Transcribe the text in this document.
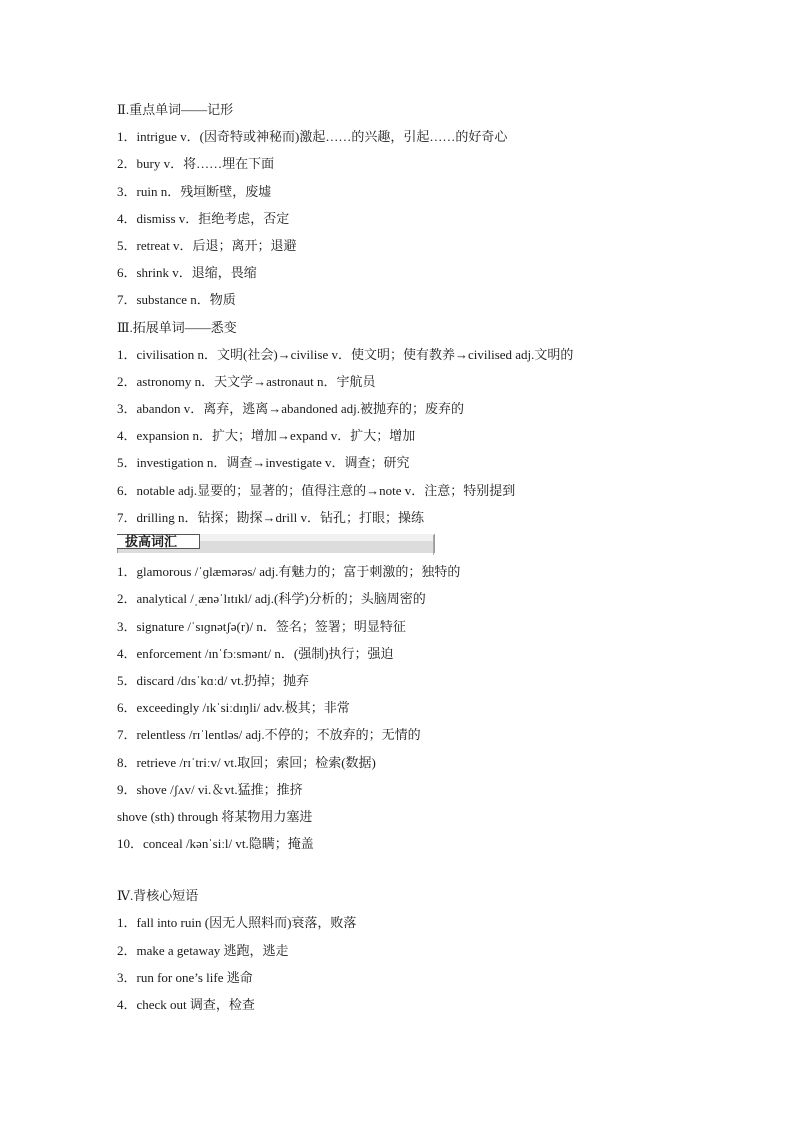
Ⅱ.重点单词——记形
1．intrigue v．(因奇特或神秘而)激起……的兴趣，引起……的好奇心
2．bury v．将……埋在下面
3．ruin n．残垣断壁，废墟
4．dismiss v．拒绝考虑，否定
5．retreat v．后退；离开；退避
6．shrink v．退缩，畏缩
7．substance n．物质
Ⅲ.拓展单词——悉变
1．civilisation n．文明(社会)→civilise v．使文明；使有教养→civilised adj.文明的
2．astronomy n．天文学→astronaut n．宇航员
3．abandon v．离弃，逃离→abandoned adj.被抛弃的；废弃的
4．expansion n．扩大；增加→expand v．扩大；增加
5．investigation n．调查→investigate v．调查；研究
6．notable adj.显要的；显著的；值得注意的→note v．注意；特别提到
7．drilling n．钻探；勘探→drill v．钻孔；打眼；操练
拔高词汇
1．glamorous /ˈɡlæmərəs/ adj.有魅力的；富于刺激的；独特的
2．analytical /ˌænəˈlɪtɪkl/ adj.(科学)分析的；头脑周密的
3．signature /ˈsɪɡnətʃə(r)/ n．签名；签署；明显特征
4．enforcement /ɪnˈfɔːsmənt/ n．(强制)执行；强迫
5．discard /dɪsˈkɑːd/ vt.扔掉；抛弃
6．exceedingly /ɪkˈsiːdɪŋli/ adv.极其；非常
7．relentless /rɪˈlentləs/ adj.不停的；不放弃的；无情的
8．retrieve /rɪˈtriːv/ vt.取回；索回；检索(数据)
9．shove /ʃʌv/ vi.＆vt.猛推；推挤
shove (sth) through 将某物用力塞进
10．conceal /kənˈsiːl/ vt.隐瞒；掩盖
Ⅳ.背核心短语
1．fall into ruin (因无人照料而)衰落，败落
2．make a getaway 逃跑，逃走
3．run for one’s life 逃命
4．check out 调查，检查
